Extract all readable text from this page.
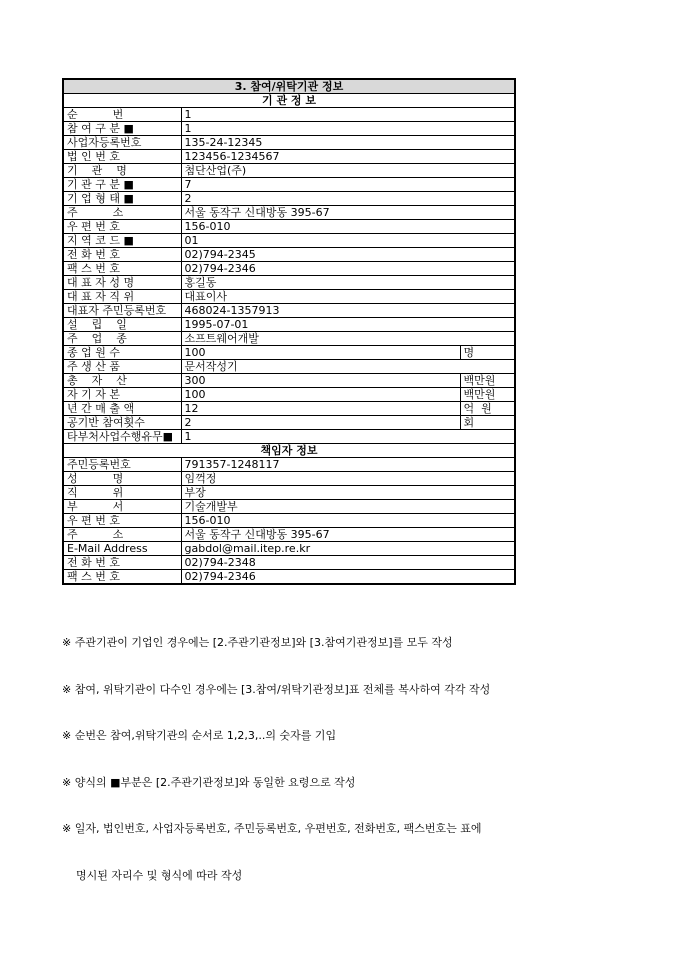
3. 참여/위탁기관 정보		
기 관 정 보		
순          번	1	
참 여 구 분 ■	1	
사업자등록번호	135-24-12345	
법 인 번 호	123456-1234567	
기    관    명	첨단산업(주)	
기 관 구 분 ■	7	
기 업 형 태 ■	2	
주          소	서울 동작구 신대방동 395-67	
우 편 번 호	156-010	
지 역 코 드 ■	01	
전 화 번 호	02)794-2345	
팩 스 번 호	02)794-2346	
대 표 자 성 명	홍길동	
대 표 자 직 위	대표이사	
대표자 주민등록번호	468024-1357913	
설    립    일	1995-07-01	
주    업    종	소프트웨어개발	
종 업 원 수	100	명
주 생 산 품	문서작성기	
총    자    산	300	백만원
자 기 자 본	100	백만원
년 간 매 출 액	12	억  원
공기반 참여횟수	2	회
타부처사업수행유무■	1	
책임자 정보		
주민등록번호	791357-1248117	
성          명	임꺽정	
직          위	부장	
부          서	기술개발부	
우 편 번 호	156-010	
주          소	서울 동작구 신대방동 395-67	
E-Mail Address	gabdol@mail.itep.re.kr	
전 화 번 호	02)794-2348	
팩 스 번 호	02)794-2346	

※ 주관기관이 기업인 경우에는 [2.주관기관정보]와 [3.참여기관정보]를 모두 작성

※ 참여, 위탁기관이 다수인 경우에는 [3.참여/위탁기관정보]표 전체를 복사하여 각각 작성

※ 순번은 참여,위탁기관의 순서로 1,2,3,..의 숫자를 기입

※ 양식의 ■부분은 [2.주관기관정보]와 동일한 요령으로 작성

※ 일자, 법인번호, 사업자등록번호, 주민등록번호, 우편번호, 전화번호, 팩스번호는 표에

명시된 자리수 및 형식에 따라 작성
